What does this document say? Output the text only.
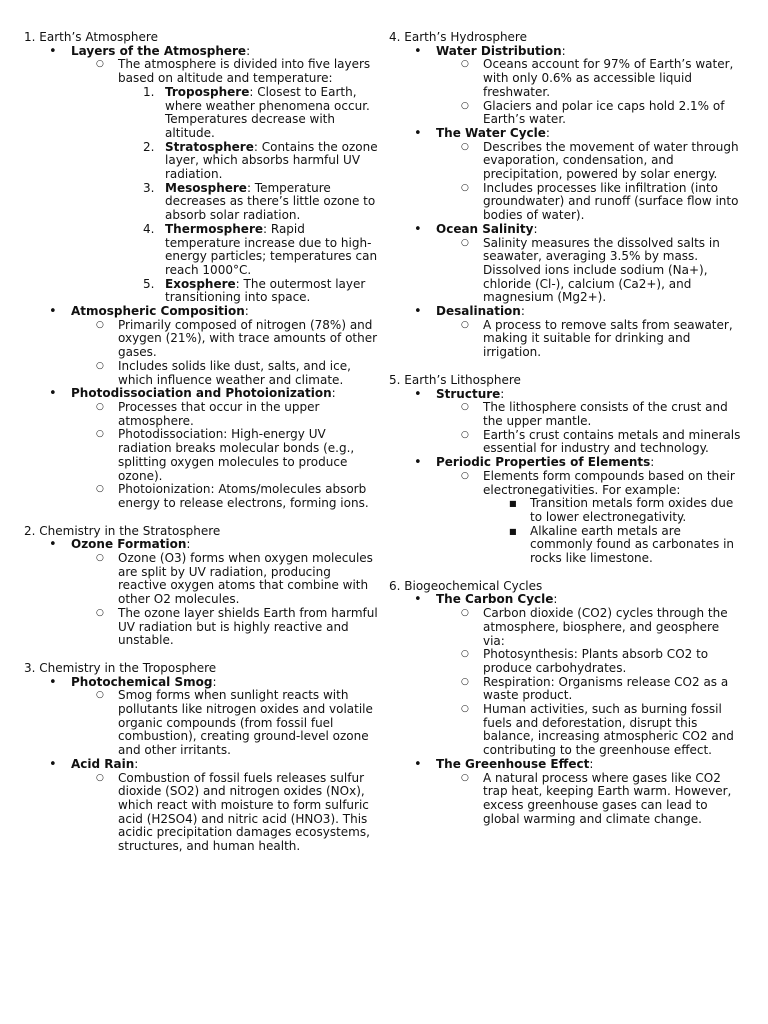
1. Earth’s Atmosphere
• Layers of the Atmosphere:
○ The atmosphere is divided into five layers based on altitude and temperature:
1. Troposphere: Closest to Earth, where weather phenomena occur. Temperatures decrease with altitude.
2. Stratosphere: Contains the ozone layer, which absorbs harmful UV radiation.
3. Mesosphere: Temperature decreases as there’s little ozone to absorb solar radiation.
4. Thermosphere: Rapid temperature increase due to high-energy particles; temperatures can reach 1000°C.
5. Exosphere: The outermost layer transitioning into space.
• Atmospheric Composition:
○ Primarily composed of nitrogen (78%) and oxygen (21%), with trace amounts of other gases.
○ Includes solids like dust, salts, and ice, which influence weather and climate.
• Photodissociation and Photoionization:
○ Processes that occur in the upper atmosphere.
○ Photodissociation: High-energy UV radiation breaks molecular bonds (e.g., splitting oxygen molecules to produce ozone).
○ Photoionization: Atoms/molecules absorb energy to release electrons, forming ions.
2. Chemistry in the Stratosphere
• Ozone Formation:
○ Ozone (O3) forms when oxygen molecules are split by UV radiation, producing reactive oxygen atoms that combine with other O2 molecules.
○ The ozone layer shields Earth from harmful UV radiation but is highly reactive and unstable.
3. Chemistry in the Troposphere
• Photochemical Smog:
○ Smog forms when sunlight reacts with pollutants like nitrogen oxides and volatile organic compounds (from fossil fuel combustion), creating ground-level ozone and other irritants.
• Acid Rain:
○ Combustion of fossil fuels releases sulfur dioxide (SO2) and nitrogen oxides (NOx), which react with moisture to form sulfuric acid (H2SO4) and nitric acid (HNO3). This acidic precipitation damages ecosystems, structures, and human health.
4. Earth’s Hydrosphere
• Water Distribution:
○ Oceans account for 97% of Earth’s water, with only 0.6% as accessible liquid freshwater.
○ Glaciers and polar ice caps hold 2.1% of Earth’s water.
• The Water Cycle:
○ Describes the movement of water through evaporation, condensation, and precipitation, powered by solar energy.
○ Includes processes like infiltration (into groundwater) and runoff (surface flow into bodies of water).
• Ocean Salinity:
○ Salinity measures the dissolved salts in seawater, averaging 3.5% by mass. Dissolved ions include sodium (Na+), chloride (Cl-), calcium (Ca2+), and magnesium (Mg2+).
• Desalination:
○ A process to remove salts from seawater, making it suitable for drinking and irrigation.
5. Earth’s Lithosphere
• Structure:
○ The lithosphere consists of the crust and the upper mantle.
○ Earth’s crust contains metals and minerals essential for industry and technology.
• Periodic Properties of Elements:
○ Elements form compounds based on their electronegativities. For example:
■ Transition metals form oxides due to lower electronegativity.
■ Alkaline earth metals are commonly found as carbonates in rocks like limestone.
6. Biogeochemical Cycles
• The Carbon Cycle:
○ Carbon dioxide (CO2) cycles through the atmosphere, biosphere, and geosphere via:
○ Photosynthesis: Plants absorb CO2 to produce carbohydrates.
○ Respiration: Organisms release CO2 as a waste product.
○ Human activities, such as burning fossil fuels and deforestation, disrupt this balance, increasing atmospheric CO2 and contributing to the greenhouse effect.
• The Greenhouse Effect:
○ A natural process where gases like CO2 trap heat, keeping Earth warm. However, excess greenhouse gases can lead to global warming and climate change.
